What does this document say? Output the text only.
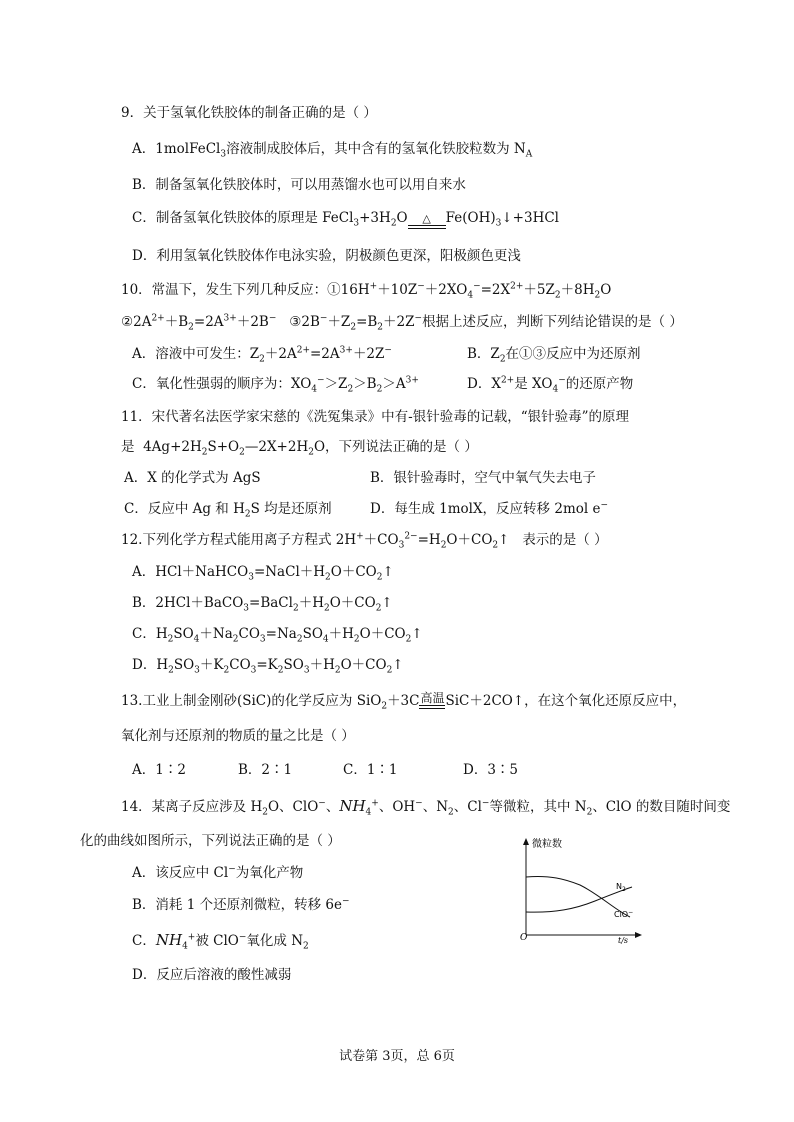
9．关于氢氧化铁胶体的制备正确的是（ ）
A．1molFeCl$_3$溶液制成胶体后，其中含有的氢氧化铁胶粒数为 $N_A$
B．制备氢氧化铁胶体时，可以用蒸馏水也可以用自来水
C．制备氢氧化铁胶体的原理是 $FeCl_3+3H_2O$	△	$Fe(OH)_3↓+3HCl$
D．利用氢氧化铁胶体作电泳实验，阴极颜色更深，阳极颜色更浅
10．常温下，发生下列几种反应：$①16H^++10Z^-+2XO_4^-=2X^{2+}+5Z_2+8H_2O$
$②2A^{2+}+B_2=2A^{3+}+2B^-$   $③2B^-+Z_2=B_2+2Z^-$根据上述反应，判断下列结论错误的是（ ）
A．溶液中可发生：$Z_2+2A^{2+}=2A^{3+}+2Z^-$	B．$Z_2$在①③反应中为还原剂
C．氧化性强弱的顺序为：$XO_4^->Z_2>B_2>A^{3+}$	D．$X^{2+}$是 $XO_4^-$的还原产物
11．宋代著名法医学家宋慈的《洗冤集录》中有-银针验毒的记载，“银针验毒”的原理
是  $4Ag+2H_2S+O_2—2X+2H_2O$，下列说法正确的是（ ）
A．X 的化学式为 AgS	B．银针验毒时，空气中氧气失去电子
C．反应中 Ag 和 $H_2S$ 均是还原剂	D．每生成 1molX，反应转移 2mol e−
12.下列化学方程式能用离子方程式 $2H^++CO_3^{2-}=H_2O+CO_2↑$   表示的是（ ）
A．$HCl+NaHCO_3=NaCl+H_2O+CO_2↑$
B．$2HCl+BaCO_3=BaCl_2+H_2O+CO_2↑$
C．$H_2SO_4+Na_2CO_3=Na_2SO_4+H_2O+CO_2↑$
D．$H_2SO_3+K_2CO_3=K_2SO_3+H_2O+CO_2↑$
13.工业上制金刚砂(SiC)的化学反应为 SiO$_2$＋3C 高温 SiC＋2CO↑，在这个氧化还原反应中，
氧化剂与还原剂的物质的量之比是（ ）
A．1∶2	B．2∶1	C．1∶1	D．3∶5
14．某离子反应涉及 $H_2O$、ClO−、$NH_4^+$、OH−、$N_2$、Cl−等微粒，其中 $N_2$、ClO 的数目随时间变
化的曲线如图所示，下列说法正确的是（ ）
A．该反应中 Cl−为氧化产物
B．消耗 1 个还原剂微粒，转移 6e−
C．$NH_4^+$被 ClO−氧化成 $N_2$
D．反应后溶液的酸性减弱
微粒数
t/s
O
$N_2$
ClO−
试卷第 3页，总 6页
